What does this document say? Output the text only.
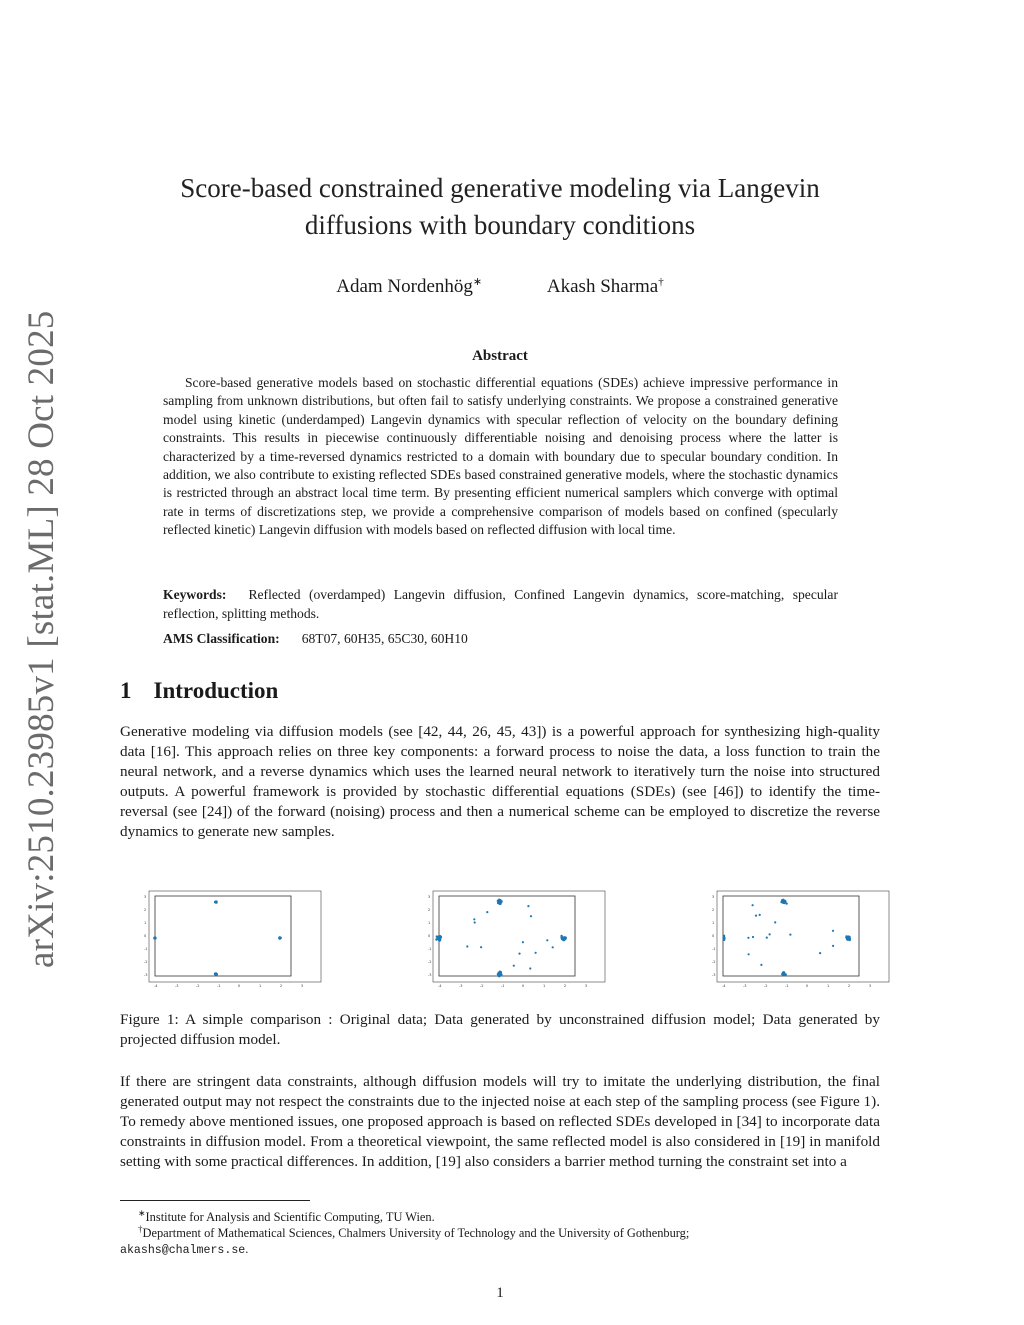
arXiv:2510.23985v1 [stat.ML] 28 Oct 2025
Score-based constrained generative modeling via Langevin
diffusions with boundary conditions
Adam Nordenhög∗	Akash Sharma†
Abstract
Score-based generative models based on stochastic differential equations (SDEs) achieve impressive performance in sampling from unknown distributions, but often fail to satisfy underlying constraints. We propose a constrained generative model using kinetic (underdamped) Langevin dynamics with specular reflection of velocity on the boundary defining constraints. This results in piecewise continuously differentiable noising and denoising process where the latter is characterized by a time-reversed dynamics restricted to a domain with boundary due to specular boundary condition. In addition, we also contribute to existing reflected SDEs based constrained generative models, where the stochastic dynamics is restricted through an abstract local time term. By presenting efficient numerical samplers which converge with optimal rate in terms of discretizations step, we provide a comprehensive comparison of models based on confined (specularly reflected kinetic) Langevin diffusion with models based on reflected diffusion with local time.
Keywords: Reflected (overdamped) Langevin diffusion, Confined Langevin dynamics, score-matching, specular reflection, splitting methods.
AMS Classification: 68T07, 60H35, 65C30, 60H10
1 Introduction
Generative modeling via diffusion models (see [42, 44, 26, 45, 43]) is a powerful approach for synthesizing high-quality data [16]. This approach relies on three key components: a forward process to noise the data, a loss function to train the neural network, and a reverse dynamics which uses the learned neural network to iteratively turn the noise into structured outputs. A powerful framework is provided by stochastic differential equations (SDEs) (see [46]) to identify the time-reversal (see [24]) of the forward (noising) process and then a numerical scheme can be employed to discretize the reverse dynamics to generate new samples.
3
2
1
0
-1
-2
-3
-4	-3	-2	-1	0	1	2	3
3
2
1
0
-1
-2
-3
-4	-3	-2	-1	0	1	2	3
3
2
1
0
-1
-2
-3
-4	-3	-2	-1	0	1	2	3
Figure 1: A simple comparison : Original data; Data generated by unconstrained diffusion model; Data generated by projected diffusion model.
If there are stringent data constraints, although diffusion models will try to imitate the underlying distribution, the final generated output may not respect the constraints due to the injected noise at each step of the sampling process (see Figure 1). To remedy above mentioned issues, one proposed approach is based on reflected SDEs developed in [34] to incorporate data constraints in diffusion model. From a theoretical viewpoint, the same reflected model is also considered in [19] in manifold setting with some practical differences. In addition, [19] also considers a barrier method turning the constraint set into a
∗Institute for Analysis and Scientific Computing, TU Wien.
†Department of Mathematical Sciences, Chalmers University of Technology and the University of Gothenburg;
akashs@chalmers.se.
1
